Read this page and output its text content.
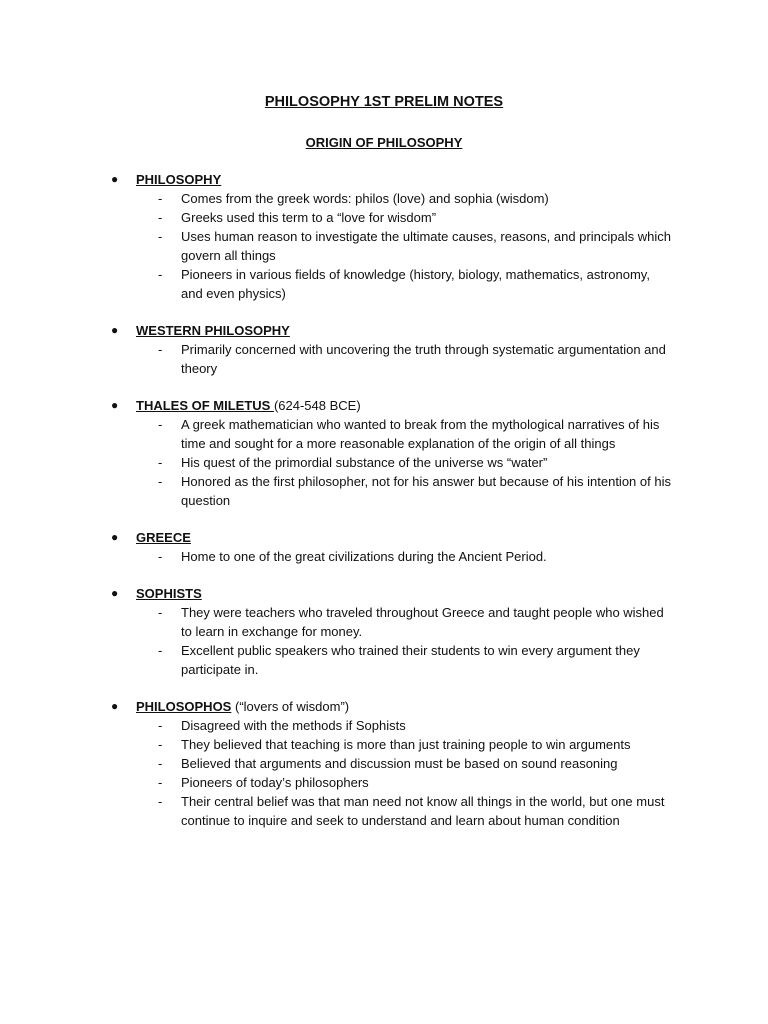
PHILOSOPHY 1ST PRELIM NOTES
ORIGIN OF PHILOSOPHY
●	PHILOSOPHY
- Comes from the greek words: philos (love) and sophia (wisdom)
- Greeks used this term to a “love for wisdom”
- Uses human reason to investigate the ultimate causes, reasons, and principals which govern all things
- Pioneers in various fields of knowledge (history, biology, mathematics, astronomy, and even physics)
●	WESTERN PHILOSOPHY
- Primarily concerned with uncovering the truth through systematic argumentation and theory
●	THALES OF MILETUS (624-548 BCE)
- A greek mathematician who wanted to break from the mythological narratives of his time and sought for a more reasonable explanation of the origin of all things
- His quest of the primordial substance of the universe ws “water”
- Honored as the first philosopher, not for his answer but because of his intention of his question
●	GREECE
- Home to one of the great civilizations during the Ancient Period.
●	SOPHISTS
- They were teachers who traveled throughout Greece and taught people who wished to learn in exchange for money.
- Excellent public speakers who trained their students to win every argument they participate in.
●	PHILOSOPHOS (“lovers of wisdom”)
- Disagreed with the methods if Sophists
- They believed that teaching is more than just training people to win arguments
- Believed that arguments and discussion must be based on sound reasoning
- Pioneers of today’s philosophers
- Their central belief was that man need not know all things in the world, but one must continue to inquire and seek to understand and learn about human condition
